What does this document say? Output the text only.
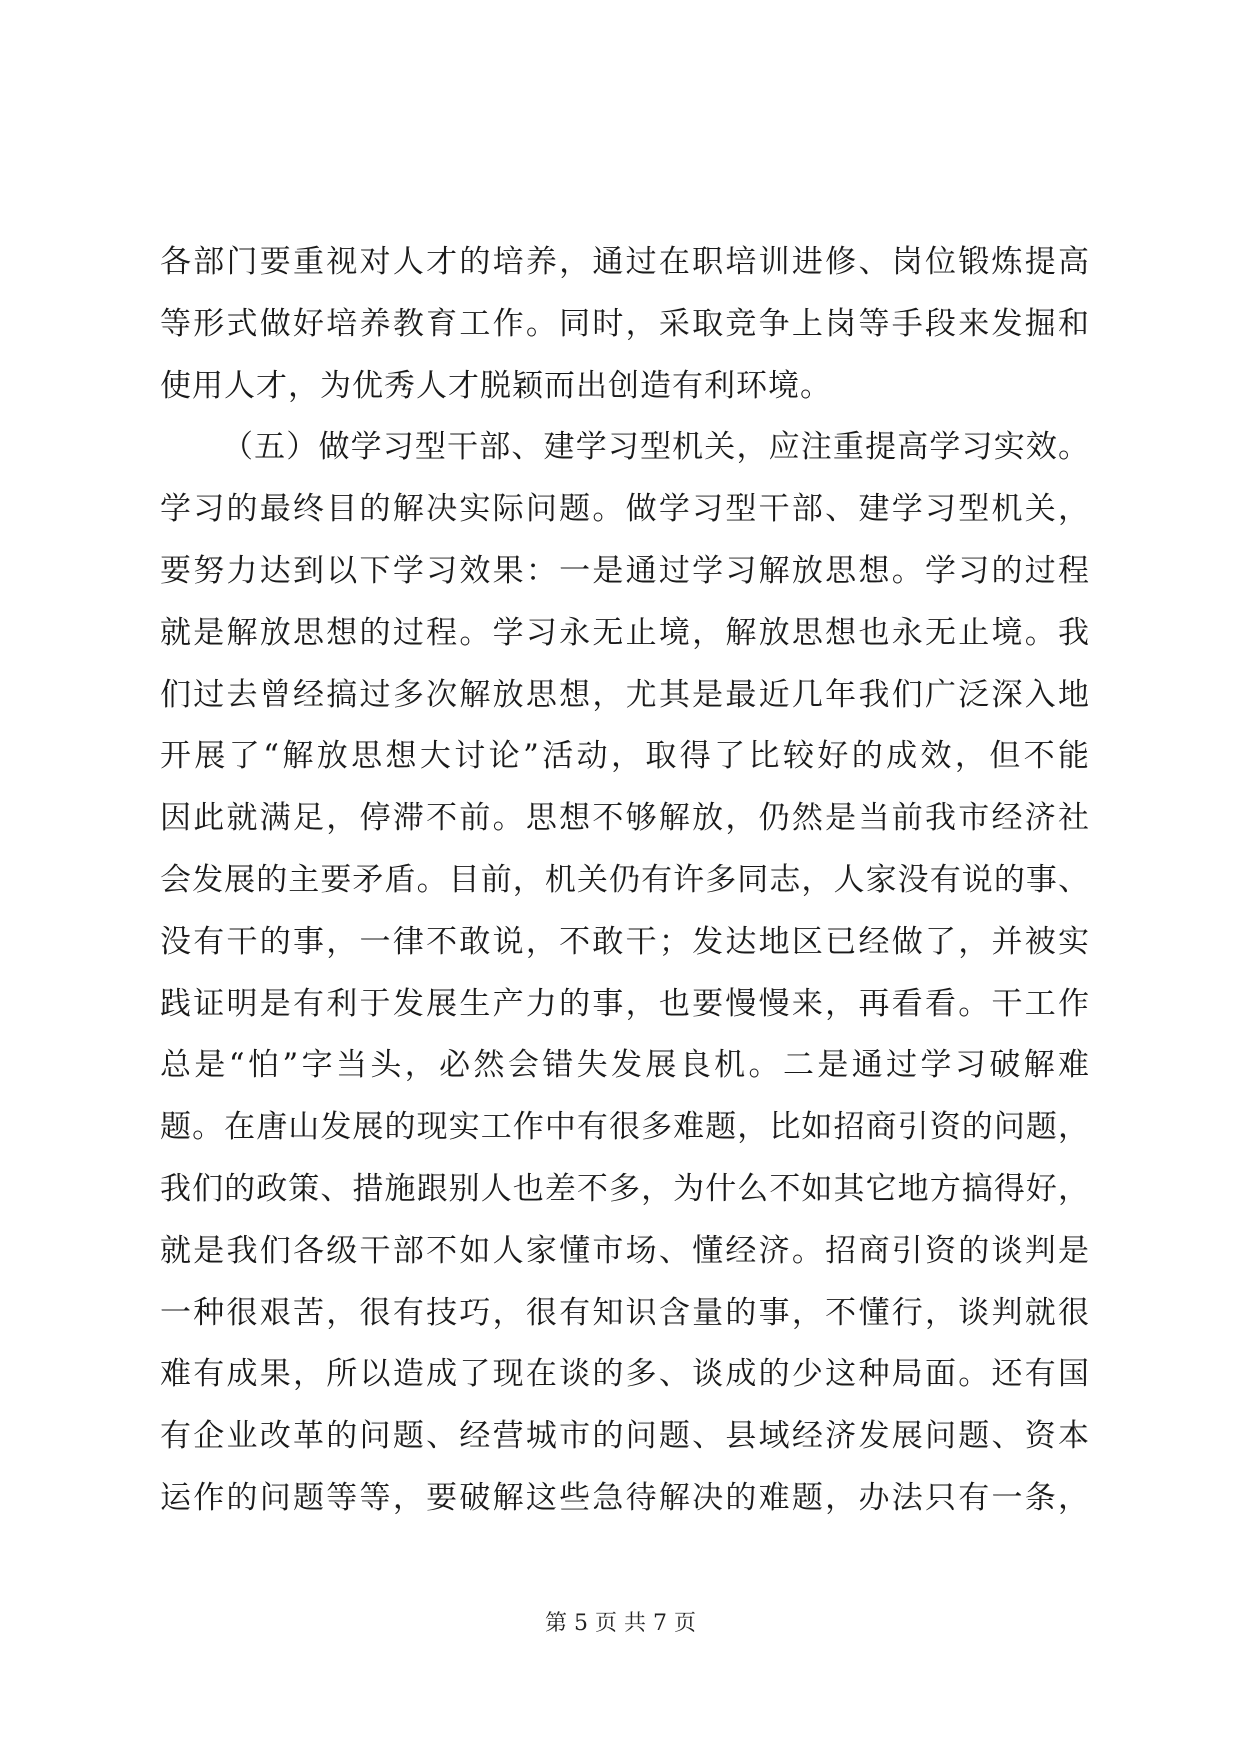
各部门要重视对人才的培养，通过在职培训进修、岗位锻炼提高
等形式做好培养教育工作。同时，采取竞争上岗等手段来发掘和
使用人才，为优秀人才脱颖而出创造有利环境。
（五）做学习型干部、建学习型机关，应注重提高学习实效。
学习的最终目的解决实际问题。做学习型干部、建学习型机关，
要努力达到以下学习效果：一是通过学习解放思想。学习的过程
就是解放思想的过程。学习永无止境，解放思想也永无止境。我
们过去曾经搞过多次解放思想，尤其是最近几年我们广泛深入地
开展了“解放思想大讨论”活动，取得了比较好的成效，但不能
因此就满足，停滞不前。思想不够解放，仍然是当前我市经济社
会发展的主要矛盾。目前，机关仍有许多同志，人家没有说的事、
没有干的事，一律不敢说，不敢干；发达地区已经做了，并被实
践证明是有利于发展生产力的事，也要慢慢来，再看看。干工作
总是“怕”字当头，必然会错失发展良机。二是通过学习破解难
题。在唐山发展的现实工作中有很多难题，比如招商引资的问题，
我们的政策、措施跟别人也差不多，为什么不如其它地方搞得好，
就是我们各级干部不如人家懂市场、懂经济。招商引资的谈判是
一种很艰苦，很有技巧，很有知识含量的事，不懂行，谈判就很
难有成果，所以造成了现在谈的多、谈成的少这种局面。还有国
有企业改革的问题、经营城市的问题、县域经济发展问题、资本
运作的问题等等，要破解这些急待解决的难题，办法只有一条，
第 5 页 共 7 页
